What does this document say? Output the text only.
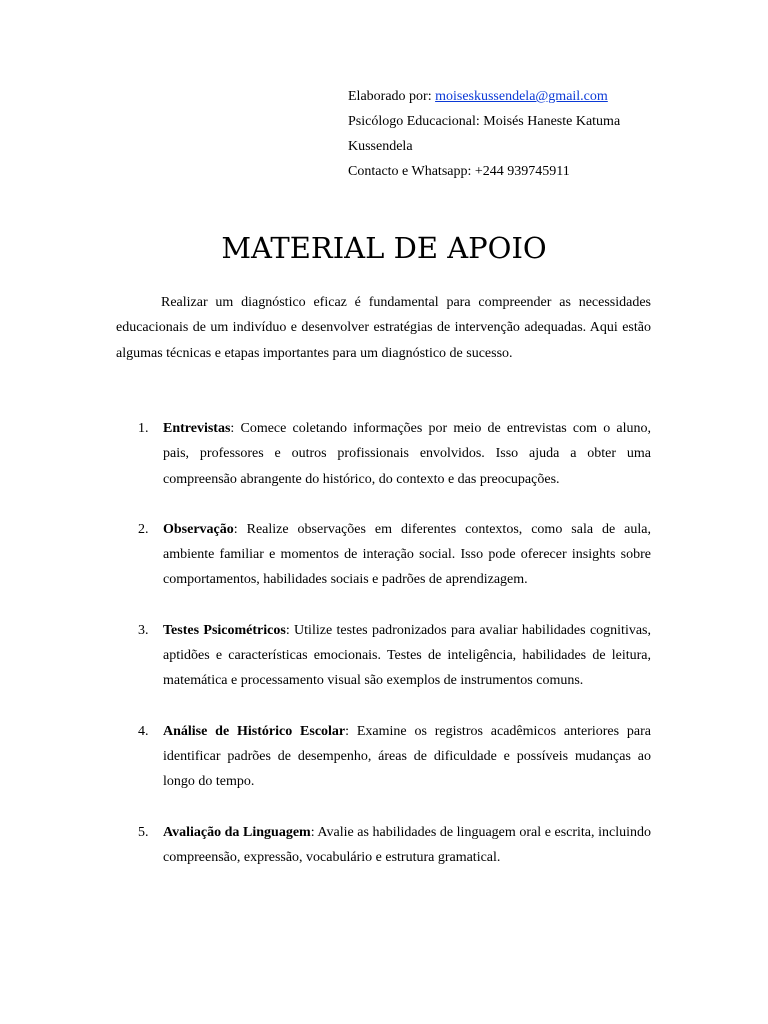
Elaborado por: moiseskussendela@gmail.com
Psicólogo Educacional: Moisés Haneste Katuma
Kussendela
Contacto e Whatsapp: +244 939745911
MATERIAL DE APOIO

Realizar um diagnóstico eficaz é fundamental para compreender as necessidades educacionais de um indivíduo e desenvolver estratégias de intervenção adequadas. Aqui estão algumas técnicas e etapas importantes para um diagnóstico de sucesso.

1. Entrevistas: Comece coletando informações por meio de entrevistas com o aluno, pais, professores e outros profissionais envolvidos. Isso ajuda a obter uma compreensão abrangente do histórico, do contexto e das preocupações.
2. Observação: Realize observações em diferentes contextos, como sala de aula, ambiente familiar e momentos de interação social. Isso pode oferecer insights sobre comportamentos, habilidades sociais e padrões de aprendizagem.
3. Testes Psicométricos: Utilize testes padronizados para avaliar habilidades cognitivas, aptidões e características emocionais. Testes de inteligência, habilidades de leitura, matemática e processamento visual são exemplos de instrumentos comuns.
4. Análise de Histórico Escolar: Examine os registros acadêmicos anteriores para identificar padrões de desempenho, áreas de dificuldade e possíveis mudanças ao longo do tempo.
5. Avaliação da Linguagem: Avalie as habilidades de linguagem oral e escrita, incluindo compreensão, expressão, vocabulário e estrutura gramatical.
